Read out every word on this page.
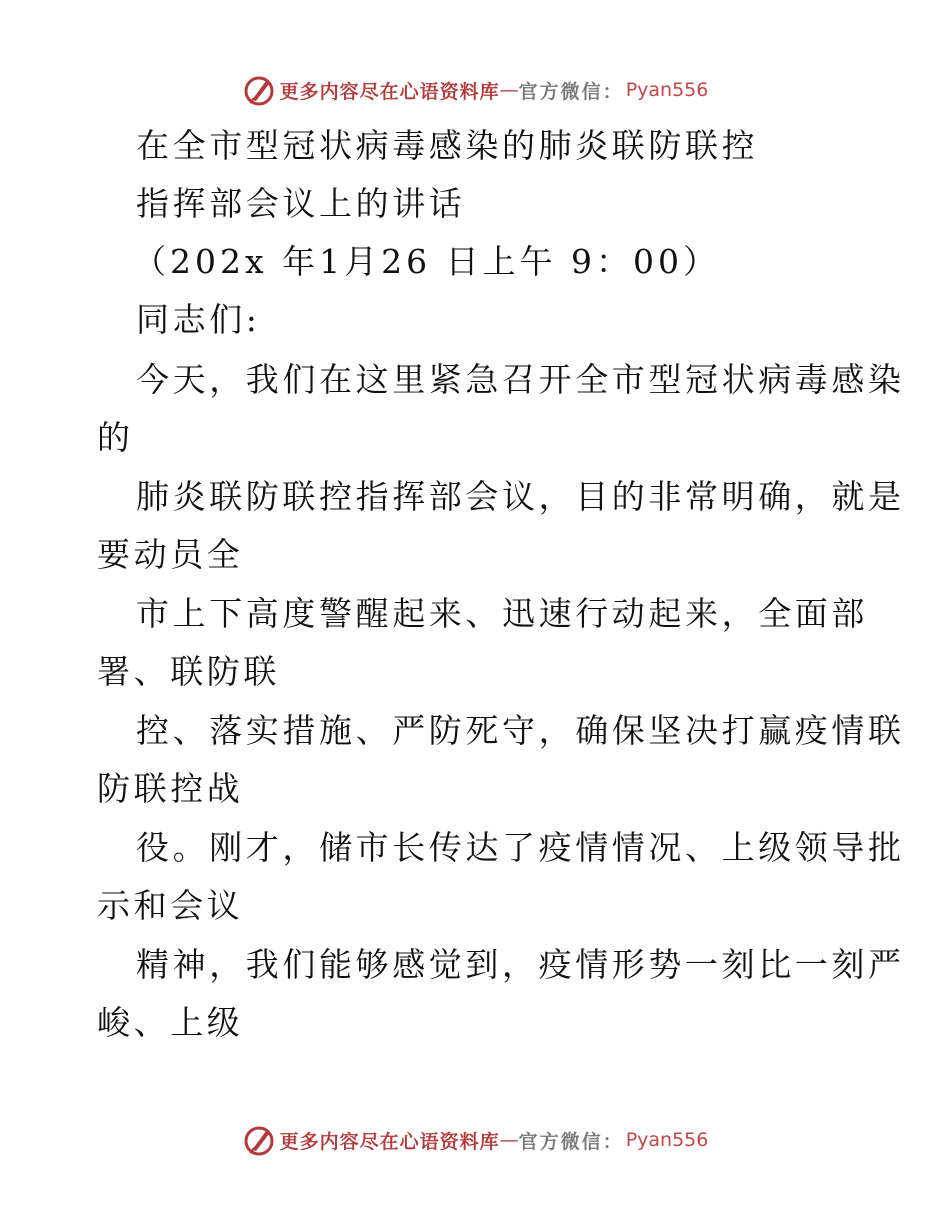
更多内容尽在心语资料库 — 官方微信： Pyan556
在全市型冠状病毒感染的肺炎联防联控
指挥部会议上的讲话
（202x 年1月26 日上午 9：00）
同志们:
今天，我们在这里紧急召开全市型冠状病毒感染
的
肺炎联防联控指挥部会议，目的非常明确，就是
要动员全
市上下高度警醒起来、迅速行动起来，全面部
署、联防联
控、落实措施、严防死守，确保坚决打赢疫情联
防联控战
役。刚才，储市长传达了疫情情况、上级领导批
示和会议
精神，我们能够感觉到，疫情形势一刻比一刻严
峻、上级
更多内容尽在心语资料库 — 官方微信： Pyan556
